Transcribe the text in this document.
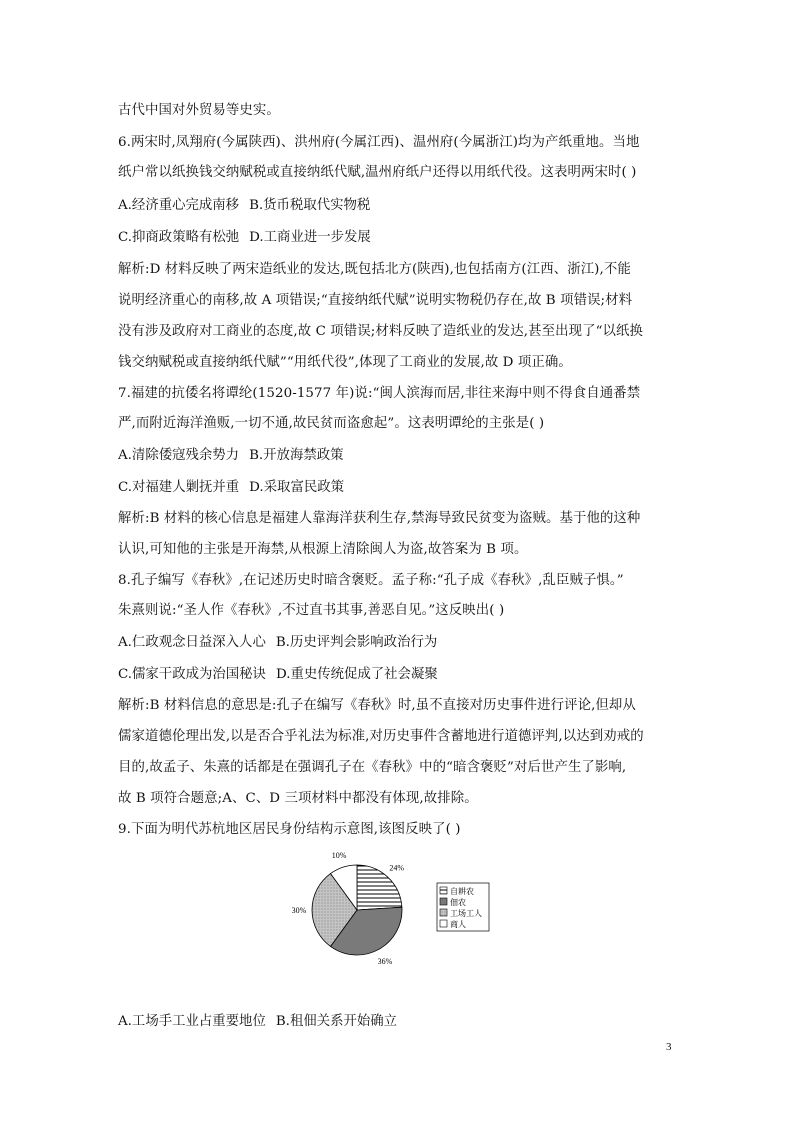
古代中国对外贸易等史实。
6.两宋时,凤翔府(今属陕西)、洪州府(今属江西)、温州府(今属浙江)均为产纸重地。当地
纸户常以纸换钱交纳赋税或直接纳纸代赋,温州府纸户还得以用纸代役。这表明两宋时( )
A.经济重心完成南移 B.货币税取代实物税
C.抑商政策略有松弛 D.工商业进一步发展
解析:D 材料反映了两宋造纸业的发达,既包括北方(陕西),也包括南方(江西、浙江),不能
说明经济重心的南移,故 A 项错误;“直接纳纸代赋”说明实物税仍存在,故 B 项错误;材料
没有涉及政府对工商业的态度,故 C 项错误;材料反映了造纸业的发达,甚至出现了“以纸换
钱交纳赋税或直接纳纸代赋”“用纸代役”,体现了工商业的发展,故 D 项正确。
7.福建的抗倭名将谭纶(1520-1577 年)说:“闽人滨海而居,非往来海中则不得食自通番禁
严,而附近海洋渔贩,一切不通,故民贫而盗愈起”。这表明谭纶的主张是( )
A.清除倭寇残余势力 B.开放海禁政策
C.对福建人剿抚并重 D.采取富民政策
解析:B 材料的核心信息是福建人靠海洋获利生存,禁海导致民贫变为盗贼。基于他的这种
认识,可知他的主张是开海禁,从根源上清除闽人为盗,故答案为 B 项。
8.孔子编写《春秋》,在记述历史时暗含褒贬。孟子称:“孔子成《春秋》,乱臣贼子惧。”
朱熹则说:“圣人作《春秋》,不过直书其事,善恶自见。”这反映出( )
A.仁政观念日益深入人心 B.历史评判会影响政治行为
C.儒家干政成为治国秘诀 D.重史传统促成了社会凝聚
解析:B 材料信息的意思是:孔子在编写《春秋》时,虽不直接对历史事件进行评论,但却从
儒家道德伦理出发,以是否合乎礼法为标准,对历史事件含蓄地进行道德评判,以达到劝戒的
目的,故孟子、朱熹的话都是在强调孔子在《春秋》中的“暗含褒贬”对后世产生了影响,
故 B 项符合题意;A、C、D 三项材料中都没有体现,故排除。
9.下面为明代苏杭地区居民身份结构示意图,该图反映了( )
24%
36%
30%
10%
自耕农
佃农
工场工人
商人
A.工场手工业占重要地位 B.租佃关系开始确立
3
